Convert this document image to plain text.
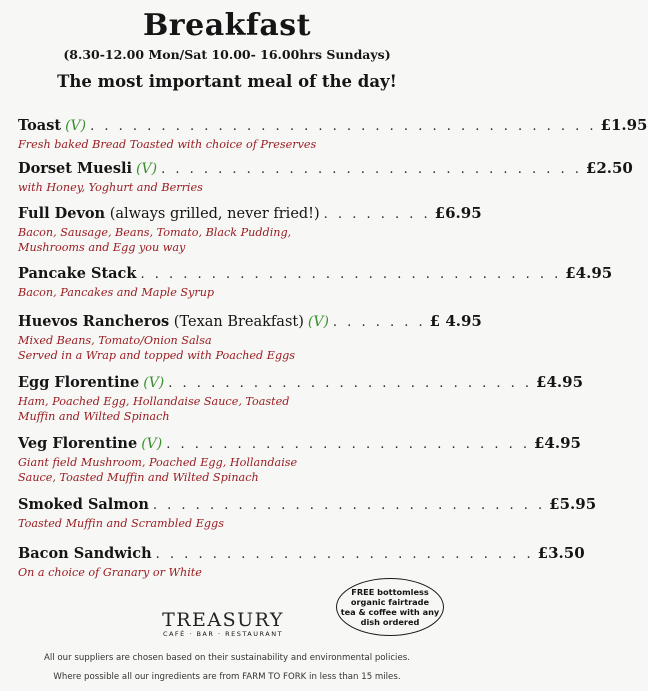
Breakfast
(8.30-12.00 Mon/Sat 10.00- 16.00hrs Sundays)
The most important meal of the day!
Toast (V) . . . . . . . . . . . . . . . . . . . . . . . . . . . . . . . . . . . . £1.95
Fresh baked Bread Toasted with choice of Preserves
Dorset Muesli (V) . . . . . . . . . . . . . . . . . . . . . . . . . . . . . . £2.50
with Honey, Yoghurt and Berries
Full Devon (always grilled, never fried!) . . . . . . . . £6.95
Bacon, Sausage, Beans, Tomato, Black Pudding,
Mushrooms and Egg you way
Pancake Stack . . . . . . . . . . . . . . . . . . . . . . . . . . . . . . £4.95
Bacon, Pancakes and Maple Syrup
Huevos Rancheros (Texan Breakfast) (V) . . . . . . . £ 4.95
Mixed Beans, Tomato/Onion Salsa
Served in a Wrap and topped with Poached Eggs
Egg Florentine (V) . . . . . . . . . . . . . . . . . . . . . . . . . . £4.95
Ham, Poached Egg, Hollandaise Sauce, Toasted
Muffin and Wilted Spinach
Veg Florentine (V) . . . . . . . . . . . . . . . . . . . . . . . . . . £4.95
Giant field Mushroom, Poached Egg, Hollandaise
Sauce, Toasted Muffin and Wilted Spinach
Smoked Salmon . . . . . . . . . . . . . . . . . . . . . . . . . . . . £5.95
Toasted Muffin and Scrambled Eggs
Bacon Sandwich . . . . . . . . . . . . . . . . . . . . . . . . . . . £3.50
On a choice of Granary or White
FREE bottomless
organic fairtrade
tea & coffee with any
dish ordered
TREASURY
CAFÉ · BAR · RESTAURANT
All our suppliers are chosen based on their sustainability and environmental policies.
Where possible all our ingredients are from FARM TO FORK in less than 15 miles.
